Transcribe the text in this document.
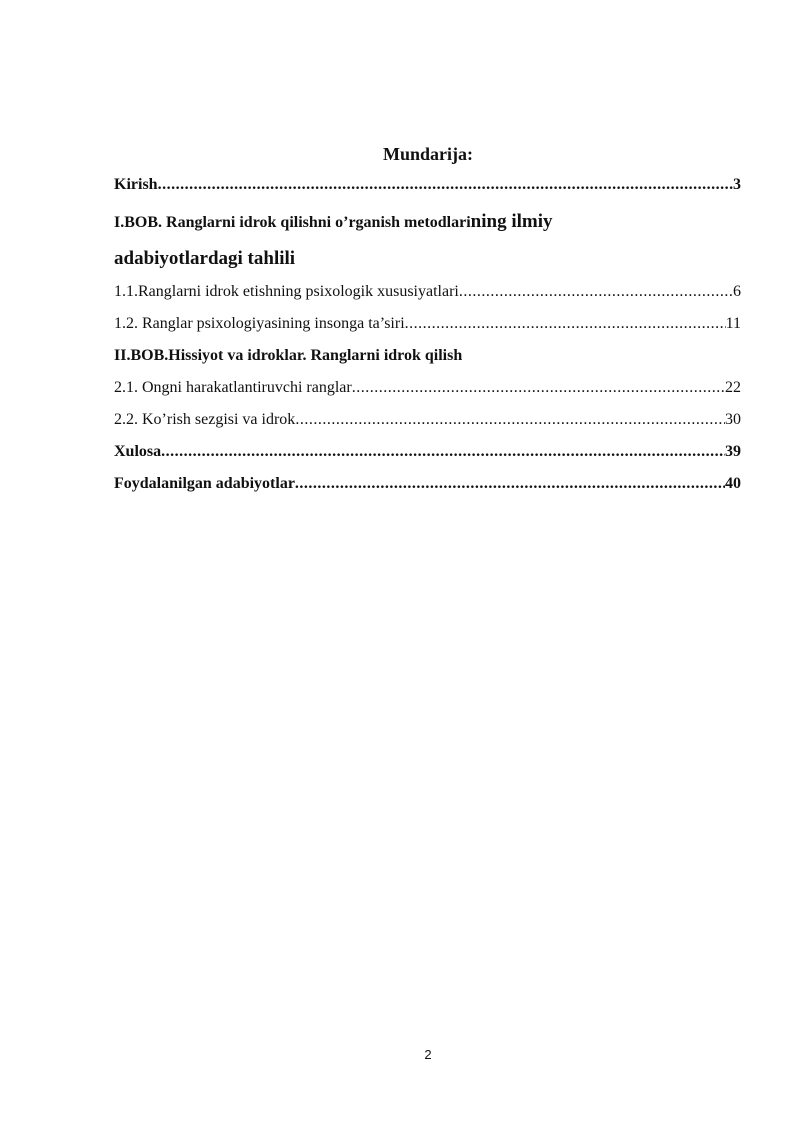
Mundarija:
Kirish .....	3
I.BOB. Ranglarni idrok qilishni o’rganish metodlarining ilmiy
adabiyotlardagi tahlili
1.1.Ranglarni idrok etishning psixologik xususiyatlari .....	6
1.2. Ranglar psixologiyasining insonga ta’siri .....	11
II.BOB.Hissiyot va idroklar. Ranglarni idrok qilish
2.1. Ongni harakatlantiruvchi ranglar .....	22
2.2. Ko’rish sezgisi va idrok .....	30
Xulosa .....	39
Foydalanilgan adabiyotlar .....	40
2
